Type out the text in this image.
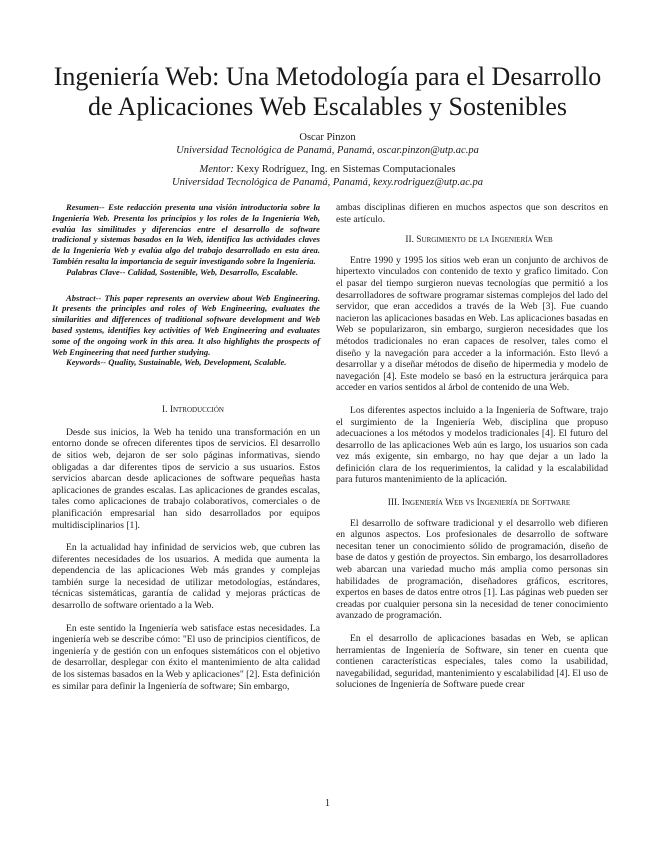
Ingeniería Web: Una Metodología para el Desarrollo
de Aplicaciones Web Escalables y Sostenibles
Oscar Pinzon
Universidad Tecnológica de Panamá, Panamá, oscar.pinzon@utp.ac.pa
Mentor: Kexy Rodríguez, Ing. en Sistemas Computacionales
Universidad Tecnológica de Panamá, Panamá, kexy.rodriguez@utp.ac.pa

Resumen-- Este redacción presenta una visión introductoria sobre la Ingeniería Web. Presenta los principios y los roles de la Ingeniería Web, evalúa las similitudes y diferencias entre el desarrollo de software tradicional y sistemas basados en la Web, identifica las actividades claves de la Ingeniería Web y evalúa algo del trabajo desarrollado en esta área. También resalta la importancia de seguir investigando sobre la Ingeniería.

Palabras Clave-- Calidad, Sostenible, Web, Desarrollo, Escalable.

Abstract-- This paper represents an overview about Web Engineering. It presents the principles and roles of Web Engineering, evaluates the similarities and differences of traditional software development and Web based systems, identifies key activities of Web Engineering and evaluates some of the ongoing work in this area. It also highlights the prospects of Web Engineering that need further studying.

Keywords-- Quality, Sustainable, Web, Development, Scalable.

I. Introducción

Desde sus inicios, la Web ha tenido una transformación en un entorno donde se ofrecen diferentes tipos de servicios. El desarrollo de sitios web, dejaron de ser solo páginas informativas, siendo obligadas a dar diferentes tipos de servicio a sus usuarios. Estos servicios abarcan desde aplicaciones de software pequeñas hasta aplicaciones de grandes escalas. Las aplicaciones de grandes escalas, tales como aplicaciones de trabajo colaborativos, comerciales o de planificación empresarial han sido desarrollados por equipos multidisciplinarios [1].

En la actualidad hay infinidad de servicios web, que cubren las diferentes necesidades de los usuarios. A medida que aumenta la dependencia de las aplicaciones Web más grandes y complejas también surge la necesidad de utilizar metodologías, estándares, técnicas sistemáticas, garantía de calidad y mejoras prácticas de desarrollo de software orientado a la Web.

En este sentido la Ingeniería web satisface estas necesidades. La ingeniería web se describe cómo: "El uso de principios científicos, de ingeniería y de gestión con un enfoques sistemáticos con el objetivo de desarrollar, desplegar con éxito el mantenimiento de alta calidad de los sistemas basados en la Web y aplicaciones" [2]. Esta definición es similar para definir la Ingeniería de software; Sin embargo,

ambas disciplinas difieren en muchos aspectos que son descritos en este artículo.

II. Surgimiento de la Ingeniería Web

Entre 1990 y 1995 los sitios web eran un conjunto de archivos de hipertexto vinculados con contenido de texto y grafico limitado. Con el pasar del tiempo surgieron nuevas tecnologías que permitió a los desarrolladores de software programar sistemas complejos del lado del servidor, que eran accedidos a través de la Web [3]. Fue cuando nacieron las aplicaciones basadas en Web. Las aplicaciones basadas en Web se popularizaron, sin embargo, surgieron necesidades que los métodos tradicionales no eran capaces de resolver, tales como el diseño y la navegación para acceder a la información. Esto llevó a desarrollar y a diseñar métodos de diseño de hipermedia y modelo de navegación [4]. Este modelo se basó en la estructura jerárquica para acceder en varios sentidos al árbol de contenido de una Web.

Los diferentes aspectos incluido a la Ingeniería de Software, trajo el surgimiento de la Ingeniería Web, disciplina que propuso adecuaciones a los métodos y modelos tradicionales [4]. El futuro del desarrollo de las aplicaciones Web aún es largo, los usuarios son cada vez más exigente, sin embargo, no hay que dejar a un lado la definición clara de los requerimientos, la calidad y la escalabilidad para futuros mantenimiento de la aplicación.

III. Ingeniería Web vs Ingeniería de Software

El desarrollo de software tradicional y el desarrollo web difieren en algunos aspectos. Los profesionales de desarrollo de software necesitan tener un conocimiento sólido de programación, diseño de base de datos y gestión de proyectos. Sin embargo, los desarrolladores web abarcan una variedad mucho más amplia como personas sin habilidades de programación, diseñadores gráficos, escritores, expertos en bases de datos entre otros [1]. Las páginas web pueden ser creadas por cualquier persona sin la necesidad de tener conocimiento avanzado de programación.

En el desarrollo de aplicaciones basadas en Web, se aplican herramientas de Ingeniería de Software, sin tener en cuenta que contienen características especiales, tales como la usabilidad, navegabilidad, seguridad, mantenimiento y escalabilidad [4]. El uso de soluciones de Ingeniería de Software puede crear

1
